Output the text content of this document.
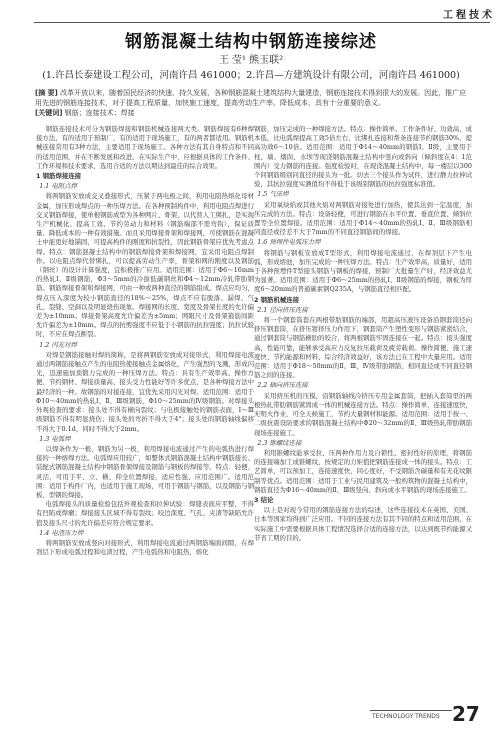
工程技术
钢筋混凝土结构中钢筋连接综述
王 莹¹ 熊玉联²
(1.许昌长泰建设工程公司，河南许昌 461000；2.许昌—方建筑设计有限公司，河南许昌 461000)
[摘 要] 改革开放以来，随着国民经济的快速、持久发展，各种钢筋混凝土建筑结构大量建造，钢筋连接技术得到很大的发展。因此，推广应用先进的钢筋连接技术，对于提高工程质量，加快施工速度，提高劳动生产率，降低成本，具有十分重要的意义。
[关键词] 钢筋；连接技术；焊接

钢筋连接技术可分为钢筋焊接和钢筋机械连接两大类。钢筋焊接有6种焊接方法，有的适用于预制厂，有的适用于现场施工，有的两者都适用。钢筋机械连接常用有3种方法，主要适用于现场施工。各种方法有其自身特点和不同的适用范围，并在不断发展和改进。在实际生产中，应根据具体的工作条件、工作环境和技术要求，选用合适的方法以期达到最佳的综合效果。

1 钢筋焊接连接

1.1 电阻点焊

将两钢筋安放成交叉叠接形式，压紧于两电极之间，利用电阻热熔化母材金属，加压形成焊点的一种压焊方法。在各种预制构件中，利用电阻点焊进行交叉钢筋焊接，使单根钢筋成型为各种网片、骨架，以代替人工绑扎，是实现生产机械化、提高工效、节约劳动力和材料（钢筋端部不需弯钩），保证质量、降低成本的一种有效措施。而且采用焊接骨架和焊接网，可使钢筋在混凝土中能更好地锚固，可提高构件的刚度和抗裂性，因此钢筋骨架应优先考虑点焊。特点：钢筋混凝土结构中的钢筋焊接骨架和焊接网，宜采用电阻点焊制作。以电阻点焊代替绑扎，可以提高劳动生产率，骨架和网的刚度以及钢筋（钢丝）的设计计算强度，宜积极推广应用。适用范围：适用于Φ6～16mm的热轧Ⅰ、Ⅱ级钢筋，Φ3～5mm的冷拔低碳钢丝和Φ4～12mm冷轧带肋钢筋。钢筋焊接骨架和焊接网，可由一种或两种直径的钢筋组成。焊点应均匀，焊点压入深度为较小钢筋直径的18%～25%，焊点不应有脱落、漏焊、气孔、裂缝、空洞以及明显烧伤现象。焊接网的长度、宽度及骨架长度的允许偏差为±10mm；焊接骨架高度允许偏差为±5mm；网眼尺寸及骨架箍筋间距允许偏差为±10mm。焊点的抗剪强度不应低于小钢筋的抗拉强度；抗拉试验时，不应在焊点断裂。

1.2 闪光对焊

对焊是钢筋接触对焊的简称，是将两钢筋安放成对接形式，利用焊接电流通过两钢筋接触点产生的电阻热使接触点金属熔化，产生强烈的飞溅，形成闪光，迅速施加顶锻力完成的一种压焊方法。特点：具有生产效率高、操作方便、节约钢材、焊接质量高、接头受力性能好等许多优点，是各种焊接方法中最经济的一种。故钢筋的对接连接，宜优先采用闪光对焊。适用范围：适用于Φ10～40mm的热轧Ⅰ、Ⅱ、Ⅲ级钢筋，Φ10～25mm的Ⅳ级钢筋。对焊接头外观检查的要求：接头处不得有横向裂纹；与电极接触处的钢筋表面，Ⅰ～Ⅲ级钢筋不得有明显烧伤；接头处的弯折不得大于4°；接头处的钢筋轴线偏移不得大于0.1d，同时不得大于2mm。

1.3 电弧焊

以焊条作为一极，钢筋为另一极，利用焊接电流通过产生的电弧热进行焊接的一种熔焊方法。电弧焊应用较广，如整体式钢筋混凝土结构中钢筋接长、装配式钢筋混凝土结构中钢筋骨架焊接及钢筋与钢板的焊接等。特点：轻便、灵活，可用于平、立、横、仰全位置焊接，适应性强、应用范围广。适用范围：适用于构件厂内，也适用于施工现场，可用于钢筋与钢筋，以及钢筋与钢板、型钢的焊接。

电弧焊接头的质量检验包括外观检查和拉伸试验：焊缝表面应平整，不得有凹陷或焊瘤；焊接接头区域不得有裂纹；咬边深度、气孔、夹渣等缺陷允许值及接头尺寸的允许偏差应符合规定要求。

1.4 电渣压力焊

将两钢筋安放成竖向对接形式，利用焊接电流通过两钢筋端面间隙，在焊剂层下形成电弧过程和电渣过程，产生电弧热和电阻热，熔化

钢筋，加压完成的一种焊接方法。特点：操作简单、工作条件好、功效高，成本低，比电弧焊提高工效5倍左右，比绑扎连接和帮条连接节约钢筋30%，提高功效6～10倍。适用范围：适用于Φ14～40mm的钢筋Ⅰ、Ⅱ级，主要用于柱、墙、烟囱、水坝等现浇钢筋混凝土结构中竖向或斜向（倾斜度在4：1范围内）受力钢筋的连接。强度检验时，在现浇混凝土结构中，每一楼层以300个同钢筋级别同直径的接头为一批。切去三个接头作为试件，进行静力拉伸试验，其抗拉强度实测值均不得低于该级别钢筋的抗拉强度标准值。

1.5 气压焊

采用氧炔焰或其他火焰对两钢筋对接处进行加热，使其达到一定温度，加压完成的方法。特点：设备轻便，可进行钢筋在水平位置、垂直位置、倾斜位置等全位置焊接。适用范围：适用于Φ14～40mm的热轧Ⅰ、Ⅱ、Ⅲ级钢筋相同直径或径差不大于7mm的不同直径钢筋间的焊接。

1.6 预埋件电弧压力焊

将钢筋与钢板安放成T型形式，利用焊接电流通过，在焊剂层下产生电弧，形成熔池，加压完成的一种压焊方法。特点：生产效率高，质量好，适用于各种预埋件T型接头钢筋与钢板的焊接，预制厂大批量生产时，经济效益尤为显著。适用范围：适用于Φ6～25mm的热轧Ⅰ、Ⅱ级钢筋的焊接，钢板为厚度6～20mm的普通碳素钢Q235A，与钢筋直径相匹配。

2 钢筋机械连接

2.1 径向挤压连接

将一个钢套筒套在两根带肋钢筋的端部，用超高压液压设备沿钢套筒径向挤压钢套筒，在挤压钳挤压力作用下，钢套筒产生塑性变形与钢筋紧密结合，通过钢套筒与钢筋横肋的咬合，将两根钢筋牢固连接在一起。特点：接头强度高，性能可靠，能够承受高应力反复拉压载荷及疲劳载荷。操作简便、施工速度快、节约能源和材料、综合经济效益好，该方法已在工程中大量应用。适用范围：适用于Φ18～50mm的Ⅱ、Ⅲ、Ⅳ级带肋钢筋，相同直径或不同直径钢筋之间的连接。

2.2 轴向挤压连接

采用挤压机的压模，沿钢筋轴线冷挤压专用金属套筒，把插入套筒里的两根热轧带肋钢筋紧固成一体的机械连接方法。特点：操作简单，连接速度快，无明火作业，可全天候施工，节约大量钢材和能源。适用范围：适用于按一、二级抗震设防要求的钢筋混凝土结构中Φ20～32mm的Ⅱ、Ⅲ级热轧带肋钢筋现场连接施工。

2.3 锥螺纹连接

利用锥螺纹能承受拉、压两种作用力及自锁性、密封性好的原理，将钢筋的连接端加工成锥螺纹，按规定的力矩值把钢筋连接成一体的接头。特点：工艺简单，可以预加工，连接速度快，同心度好，不受钢筋含碳量和有无花纹限制等优点。适用范围：适用于工业与民用建筑及一般构筑物的混凝土结构中，钢筋直径为Φ16～40mm的Ⅱ、Ⅲ级竖向、斜向或水平钢筋的现场连接施工。

3 结论

以上是对现今常用的钢筋连接方法的综述，这些连接技术在英国、美国、日本等国家均得到广泛应用。不同的连接方法有其不同的特点和适用范围，在实际施工中需要根据具体工程情况选择合适的连接方法，以达到既节约能源又节省工期的目的。

TECHNOLOGY TRENDS 27
